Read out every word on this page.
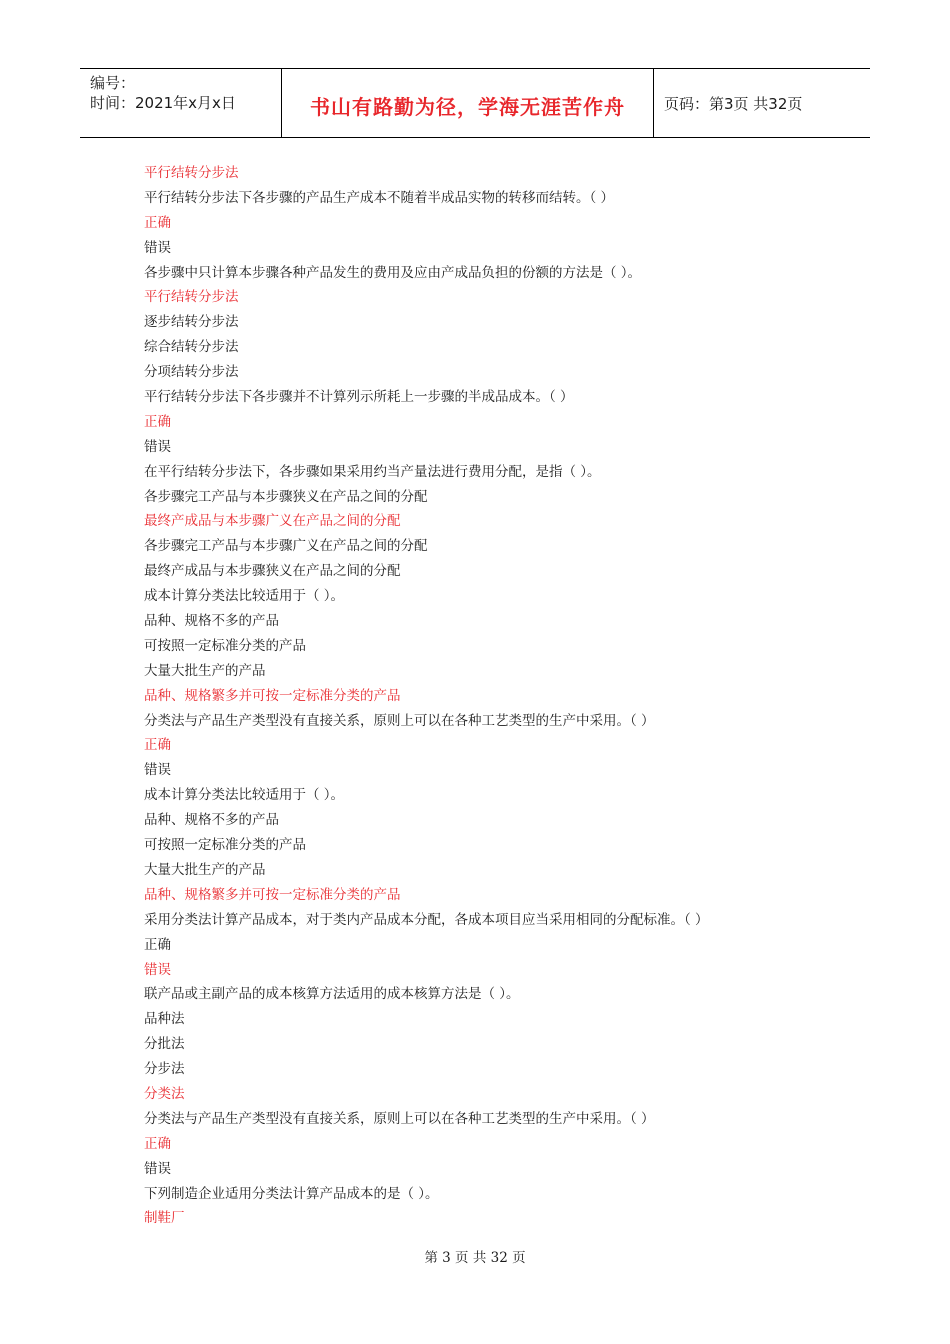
编号：
时间：2021年x月x日	书山有路勤为径，学海无涯苦作舟	页码：第3页 共32页
平行结转分步法
平行结转分步法下各步骤的产品生产成本不随着半成品实物的转移而结转。（ ）
正确
错误
各步骤中只计算本步骤各种产品发生的费用及应由产成品负担的份额的方法是（ ）。
平行结转分步法
逐步结转分步法
综合结转分步法
分项结转分步法
平行结转分步法下各步骤并不计算列示所耗上一步骤的半成品成本。（ ）
正确
错误
在平行结转分步法下，各步骤如果采用约当产量法进行费用分配，是指（ ）。
各步骤完工产品与本步骤狭义在产品之间的分配
最终产成品与本步骤广义在产品之间的分配
各步骤完工产品与本步骤广义在产品之间的分配
最终产成品与本步骤狭义在产品之间的分配
成本计算分类法比较适用于（ ）。
品种、规格不多的产品
可按照一定标准分类的产品
大量大批生产的产品
品种、规格繁多并可按一定标准分类的产品
分类法与产品生产类型没有直接关系，原则上可以在各种工艺类型的生产中采用。（ ）
正确
错误
成本计算分类法比较适用于（ ）。
品种、规格不多的产品
可按照一定标准分类的产品
大量大批生产的产品
品种、规格繁多并可按一定标准分类的产品
采用分类法计算产品成本，对于类内产品成本分配，各成本项目应当采用相同的分配标准。（ ）
正确
错误
联产品或主副产品的成本核算方法适用的成本核算方法是（ ）。
品种法
分批法
分步法
分类法
分类法与产品生产类型没有直接关系，原则上可以在各种工艺类型的生产中采用。（ ）
正确
错误
下列制造企业适用分类法计算产品成本的是（ ）。
制鞋厂
第 3 页 共 32 页
